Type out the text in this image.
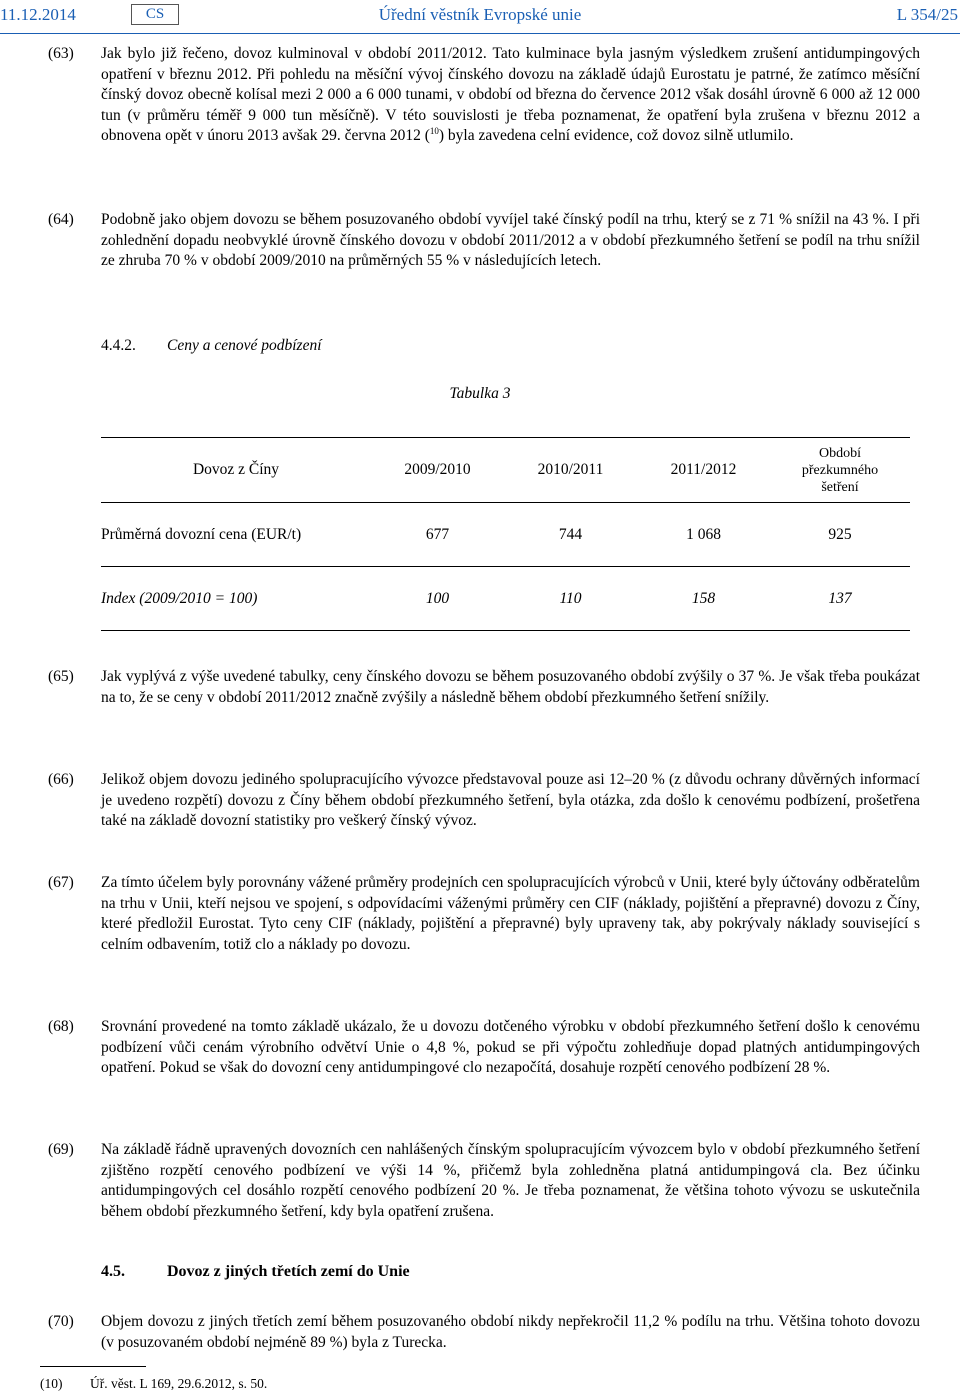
11.12.2014	CS	Úřední věstník Evropské unie	L 354/25
(63) Jak bylo již řečeno, dovoz kulminoval v období 2011/2012. Tato kulminace byla jasným výsledkem zrušení antidumpingových opatření v březnu 2012. Při pohledu na měsíční vývoj čínského dovozu na základě údajů Eurostatu je patrné, že zatímco měsíční čínský dovoz obecně kolísal mezi 2 000 a 6 000 tunami, v období od března do července 2012 však dosáhl úrovně 6 000 až 12 000 tun (v průměru téměř 9 000 tun měsíčně). V této souvislosti je třeba poznamenat, že opatření byla zrušena v březnu 2012 a obnovena opět v únoru 2013 avšak 29. června 2012 ($^{10}$) byla zavedena celní evidence, což dovoz silně utlumilo.
(64) Podobně jako objem dovozu se během posuzovaného období vyvíjel také čínský podíl na trhu, který se z 71 % snížil na 43 %. I při zohlednění dopadu neobvyklé úrovně čínského dovozu v období 2011/2012 a v období přezkumného šetření se podíl na trhu snížil ze zhruba 70 % v období 2009/2010 na průměrných 55 % v následujících letech.
4.4.2. Ceny a cenové podbízení
Tabulka 3
Dovoz z Číny	2009/2010	2010/2011	2011/2012	Období
přezkumného
šetření
Průměrná dovozní cena (EUR/t)	677	744	1 068	925
Index (2009/2010 = 100)	100	110	158	137
(65) Jak vyplývá z výše uvedené tabulky, ceny čínského dovozu se během posuzovaného období zvýšily o 37 %. Je však třeba poukázat na to, že se ceny v období 2011/2012 značně zvýšily a následně během období přezkumného šetření snížily.
(66) Jelikož objem dovozu jediného spolupracujícího vývozce představoval pouze asi 12–20 % (z důvodu ochrany důvěrných informací je uvedeno rozpětí) dovozu z Číny během období přezkumného šetření, byla otázka, zda došlo k cenovému podbízení, prošetřena také na základě dovozní statistiky pro veškerý čínský vývoz.
(67) Za tímto účelem byly porovnány vážené průměry prodejních cen spolupracujících výrobců v Unii, které byly účtovány odběratelům na trhu v Unii, kteří nejsou ve spojení, s odpovídacími váženými průměry cen CIF (náklady, pojištění a přepravné) dovozu z Číny, které předložil Eurostat. Tyto ceny CIF (náklady, pojištění a přepravné) byly upraveny tak, aby pokrývaly náklady související s celním odbavením, totiž clo a náklady po dovozu.
(68) Srovnání provedené na tomto základě ukázalo, že u dovozu dotčeného výrobku v období přezkumného šetření došlo k cenovému podbízení vůči cenám výrobního odvětví Unie o 4,8 %, pokud se při výpočtu zohledňuje dopad platných antidumpingových opatření. Pokud se však do dovozní ceny antidumpingové clo nezapočítá, dosahuje rozpětí cenového podbízení 28 %.
(69) Na základě řádně upravených dovozních cen nahlášených čínským spolupracujícím vývozcem bylo v období přezkumného šetření zjištěno rozpětí cenového podbízení ve výši 14 %, přičemž byla zohledněna platná antidumpingová cla. Bez účinku antidumpingových cel dosáhlo rozpětí cenového podbízení 20 %. Je třeba poznamenat, že většina tohoto vývozu se uskutečnila během období přezkumného šetření, kdy byla opatření zrušena.
4.5.	Dovoz z jiných třetích zemí do Unie
(70) Objem dovozu z jiných třetích zemí během posuzovaného období nikdy nepřekročil 11,2 % podílu na trhu. Většina tohoto dovozu (v posuzovaném období nejméně 89 %) byla z Turecka.
(10) Úř. věst. L 169, 29.6.2012, s. 50.
